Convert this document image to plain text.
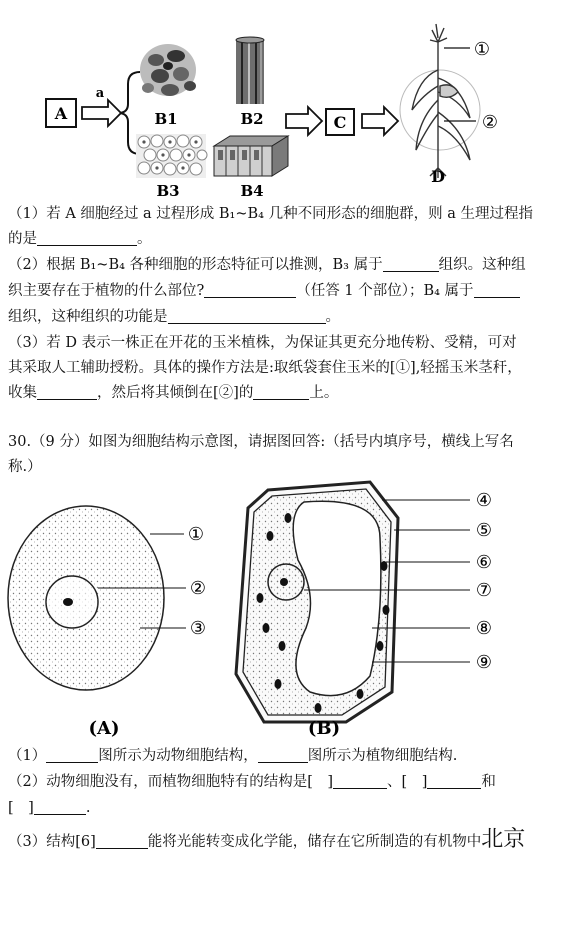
A
a
B1	B2
B3	B4
C
①
②
D
（1）若 A 细胞经过 a 过程形成 B₁~B₄ 几种不同形态的细胞群，则 a 生理过程指
的是	。
（2）根据 B₁~B₄ 各种细胞的形态特征可以推测，B₃ 属于	组织。这种组
织主要存在于植物的什么部位?	（任答 1 个部位）；B₄ 属于
组织，这种组织的功能是	。
（3）若 D 表示一株正在开花的玉米植株，为保证其更充分地传粉、受精，可对
其采取人工辅助授粉。具体的操作方法是:取纸袋套住玉米的[①],轻摇玉米茎秆，
收集	，然后将其倾倒在[②]的	上。
30.（9 分）如图为细胞结构示意图，请据图回答:（括号内填序号，横线上写名
称.）
①
②
③
(A)
④
⑤
⑥
⑦
⑧
⑨
(B)
（1）	图所示为动物细胞结构，	图所示为植物细胞结构.
（2）动物细胞没有，而植物细胞特有的结构是[　]	、[　]	和
[　]	.
（3）结构[6]	能将光能转变成化学能，储存在它所制造的有机物中北京
